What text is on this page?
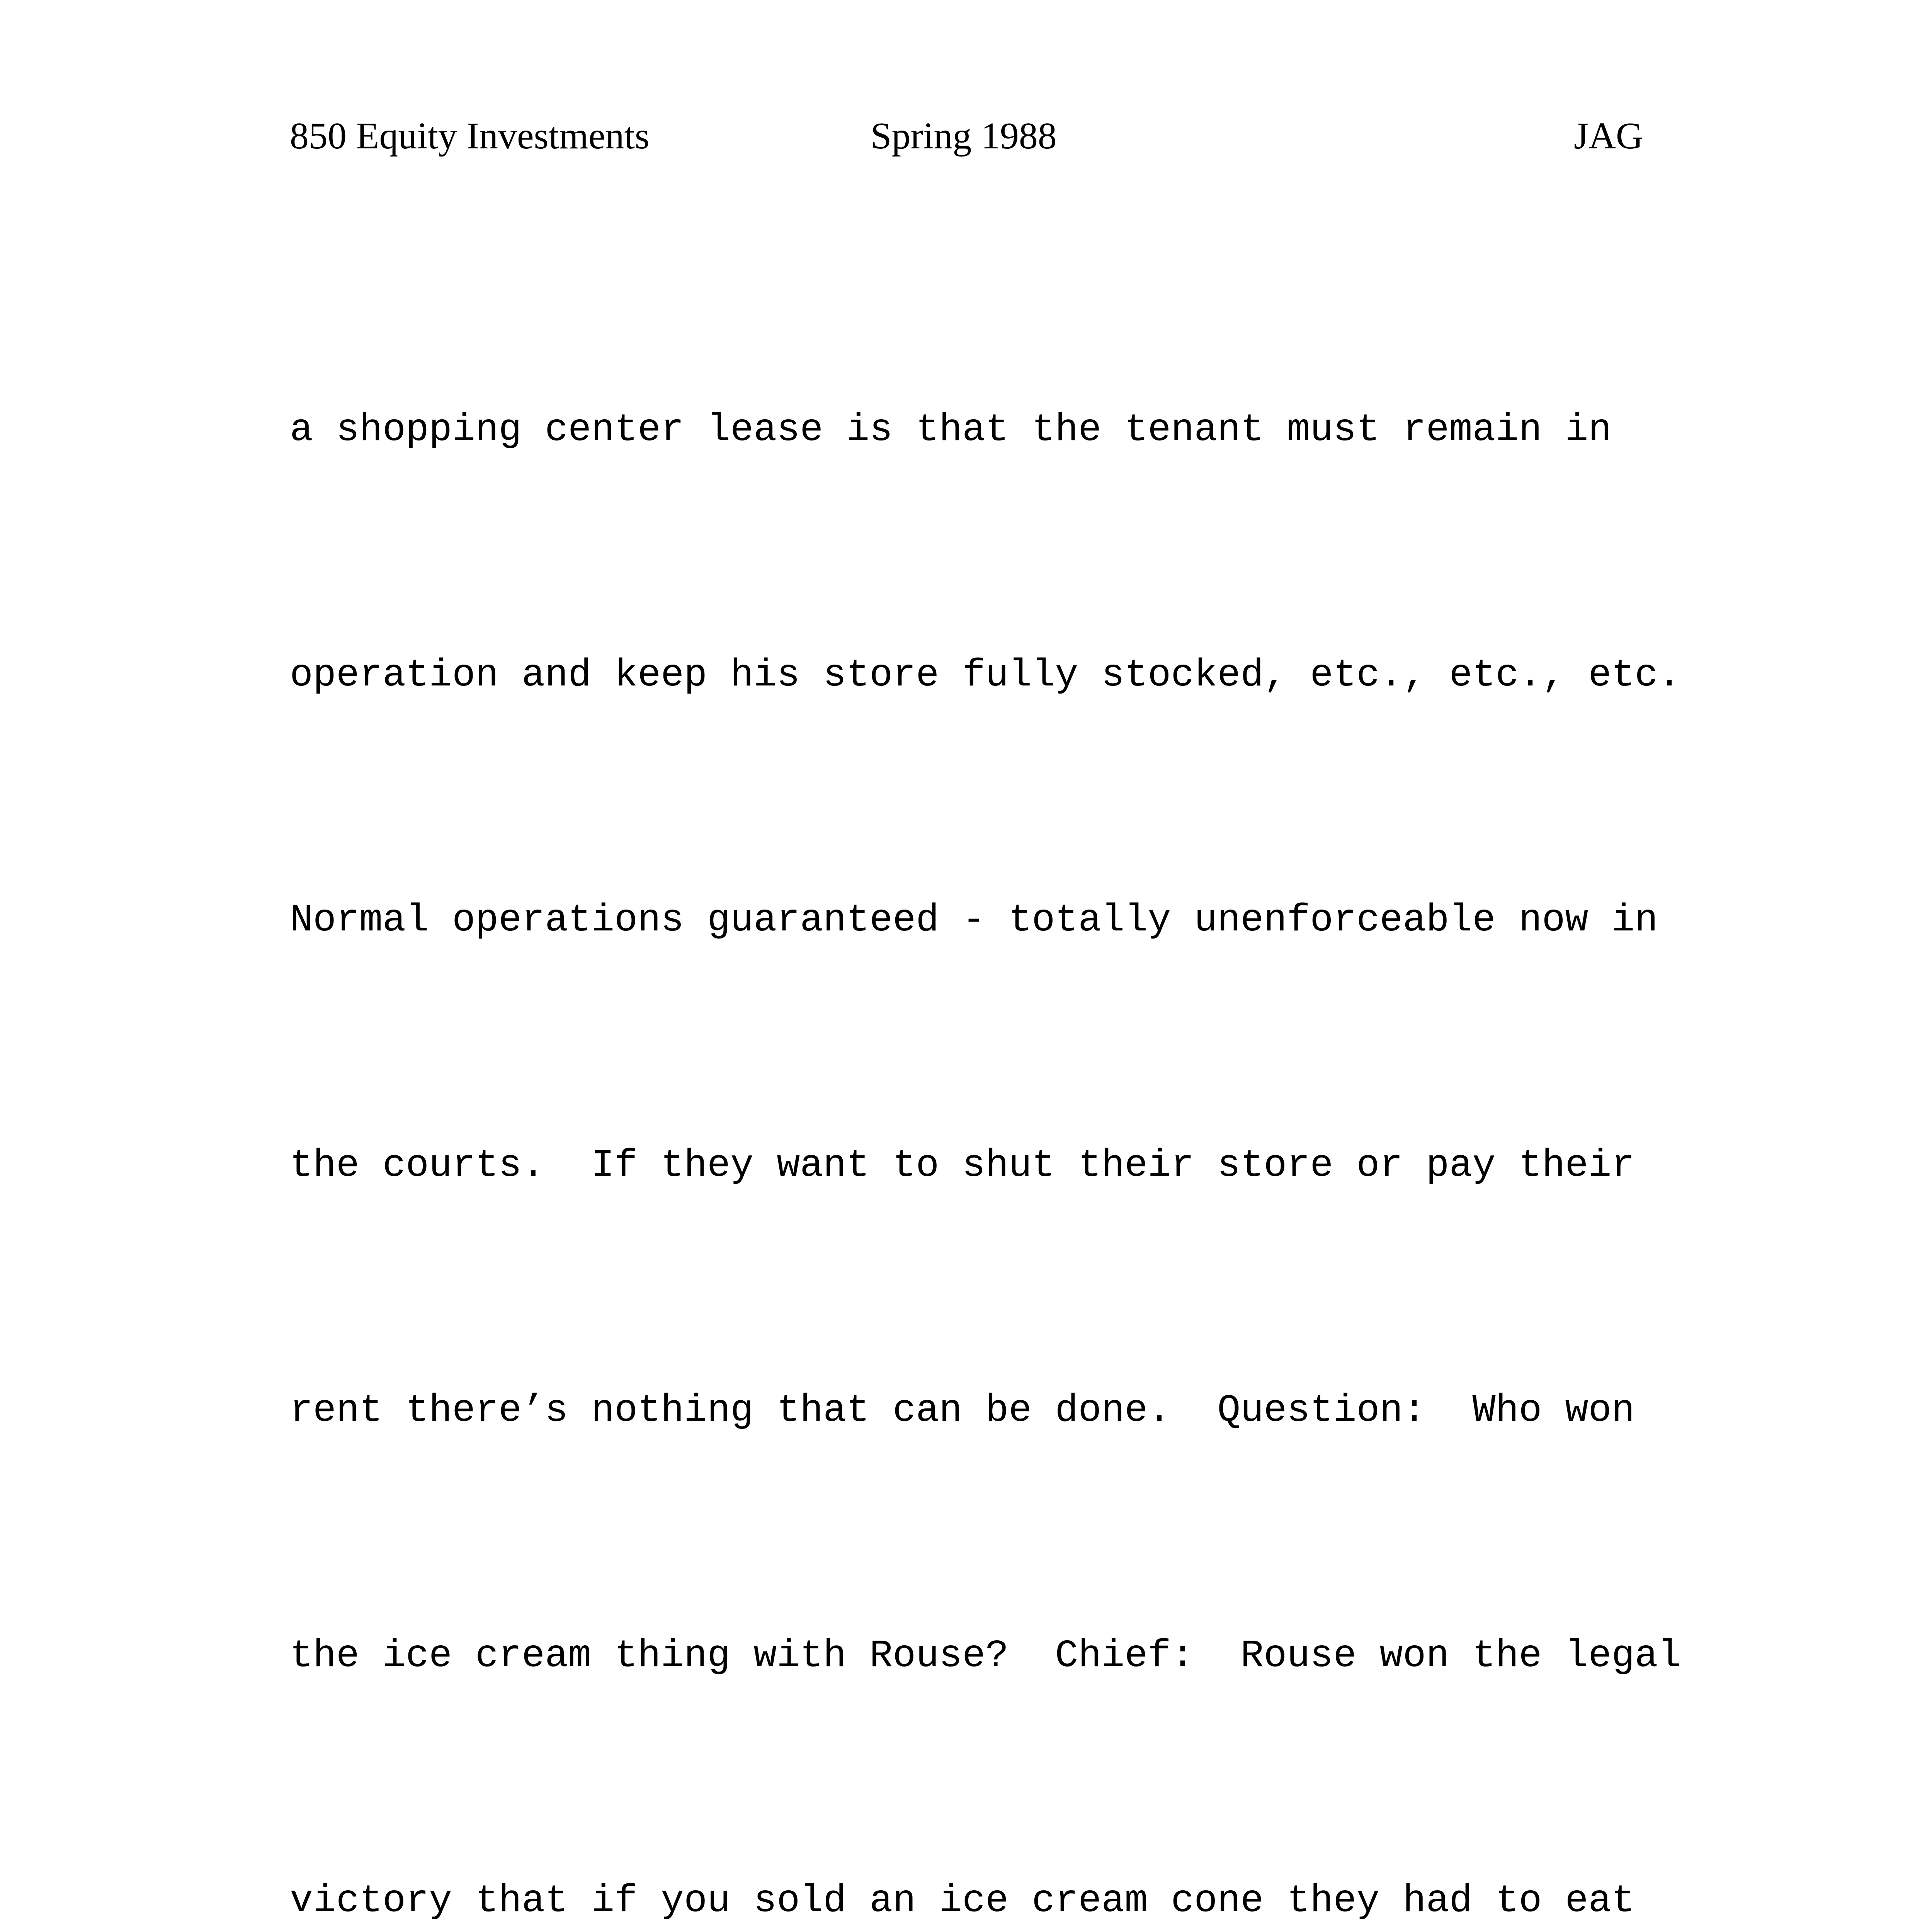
850 Equity Investments	Spring 1988	JAG

a shopping center lease is that the tenant must remain in

operation and keep his store fully stocked, etc., etc., etc.

Normal operations guaranteed - totally unenforceable now in

the courts.  If they want to shut their store or pay their

rent there’s nothing that can be done.  Question:  Who won

the ice cream thing with Rouse?  Chief:  Rouse won the legal

victory that if you sold an ice cream cone they had to eat
